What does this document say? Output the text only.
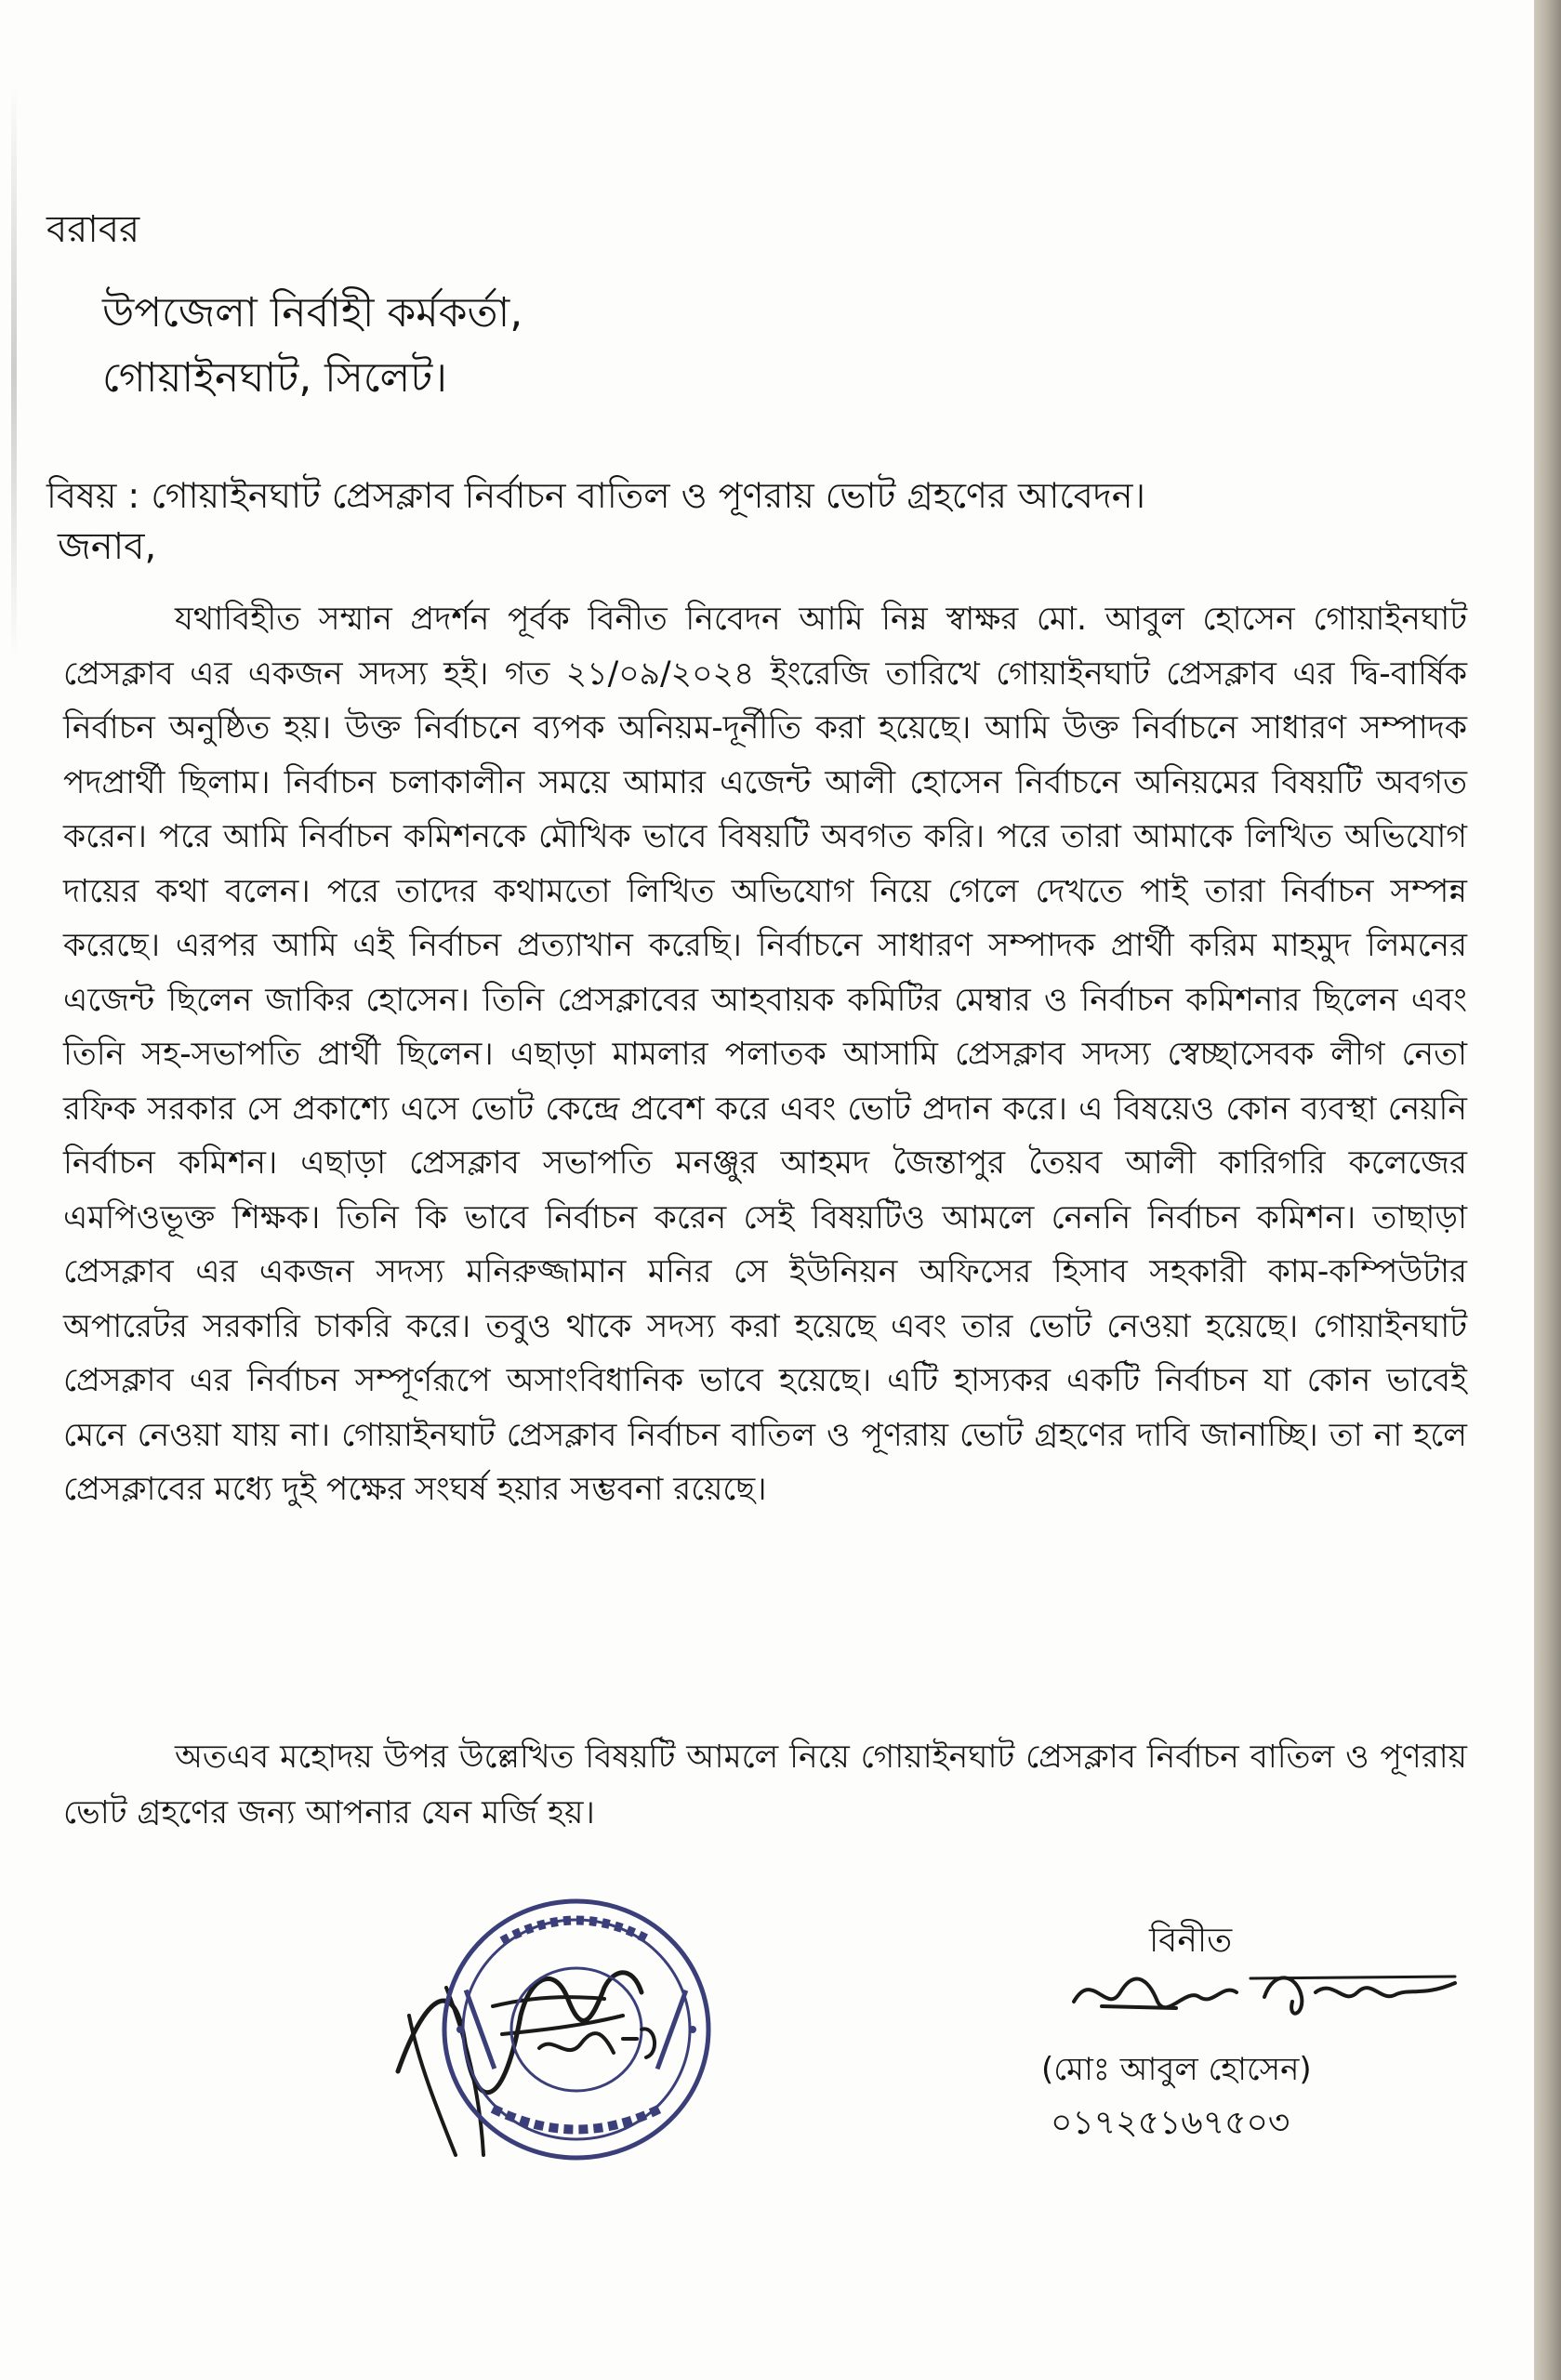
বরাবর
উপজেলা নির্বাহী কর্মকর্তা,
গোয়াইনঘাট, সিলেট।
বিষয় : গোয়াইনঘাট প্রেসক্লাব নির্বাচন বাতিল ও পূণরায় ভোট গ্রহণের আবেদন।
জনাব,
যথাবিহীত সম্মান প্রদর্শন পূর্বক বিনীত নিবেদন আমি নিম্ন স্বাক্ষর মো. আবুল হোসেন গোয়াইনঘাট প্রেসক্লাব এর একজন সদস্য হই। গত ২১/০৯/২০২৪ ইংরেজি তারিখে গোয়াইনঘাট প্রেসক্লাব এর দ্বি-বার্ষিক নির্বাচন অনুষ্ঠিত হয়। উক্ত নির্বাচনে ব্যপক অনিয়ম-দূর্নীতি করা হয়েছে। আমি উক্ত নির্বাচনে সাধারণ সম্পাদক পদপ্রার্থী ছিলাম। নির্বাচন চলাকালীন সময়ে আমার এজেন্ট আলী হোসেন নির্বাচনে অনিয়মের বিষয়টি অবগত করেন। পরে আমি নির্বাচন কমিশনকে মৌখিক ভাবে বিষয়টি অবগত করি। পরে তারা আমাকে লিখিত অভিযোগ দায়ের কথা বলেন। পরে তাদের কথামতো লিখিত অভিযোগ নিয়ে গেলে দেখতে পাই তারা নির্বাচন সম্পন্ন করেছে। এরপর আমি এই নির্বাচন প্রত্যাখান করেছি। নির্বাচনে সাধারণ সম্পাদক প্রার্থী করিম মাহমুদ লিমনের এজেন্ট ছিলেন জাকির হোসেন। তিনি প্রেসক্লাবের আহবায়ক কমিটির মেম্বার ও নির্বাচন কমিশনার ছিলেন এবং তিনি সহ-সভাপতি প্রার্থী ছিলেন। এছাড়া মামলার পলাতক আসামি প্রেসক্লাব সদস্য স্বেচ্ছাসেবক লীগ নেতা রফিক সরকার সে প্রকাশ্যে এসে ভোট কেন্দ্রে প্রবেশ করে এবং ভোট প্রদান করে। এ বিষয়েও কোন ব্যবস্থা নেয়নি নির্বাচন কমিশন। এছাড়া প্রেসক্লাব সভাপতি মনঞ্জুর আহমদ জৈন্তাপুর তৈয়ব আলী কারিগরি কলেজের এমপিওভূক্ত শিক্ষক। তিনি কি ভাবে নির্বাচন করেন সেই বিষয়টিও আমলে নেননি নির্বাচন কমিশন। তাছাড়া প্রেসক্লাব এর একজন সদস্য মনিরুজ্জামান মনির সে ইউনিয়ন অফিসের হিসাব সহকারী কাম-কম্পিউটার অপারেটর সরকারি চাকরি করে। তবুও থাকে সদস্য করা হয়েছে এবং তার ভোট নেওয়া হয়েছে। গোয়াইনঘাট প্রেসক্লাব এর নির্বাচন সম্পূর্ণরূপে অসাংবিধানিক ভাবে হয়েছে। এটি হাস্যকর একটি নির্বাচন যা কোন ভাবেই মেনে নেওয়া যায় না। গোয়াইনঘাট প্রেসক্লাব নির্বাচন বাতিল ও পূণরায় ভোট গ্রহণের দাবি জানাচ্ছি। তা না হলে প্রেসক্লাবের মধ্যে দুই পক্ষের সংঘর্ষ হয়ার সম্ভবনা রয়েছে।
অতএব মহোদয় উপর উল্লেখিত বিষয়টি আমলে নিয়ে গোয়াইনঘাট প্রেসক্লাব নির্বাচন বাতিল ও পূণরায় ভোট গ্রহণের জন্য আপনার যেন মর্জি হয়।
বিনীত
(মোঃ আবুল হোসেন)
০১৭২৫১৬৭৫০৩
